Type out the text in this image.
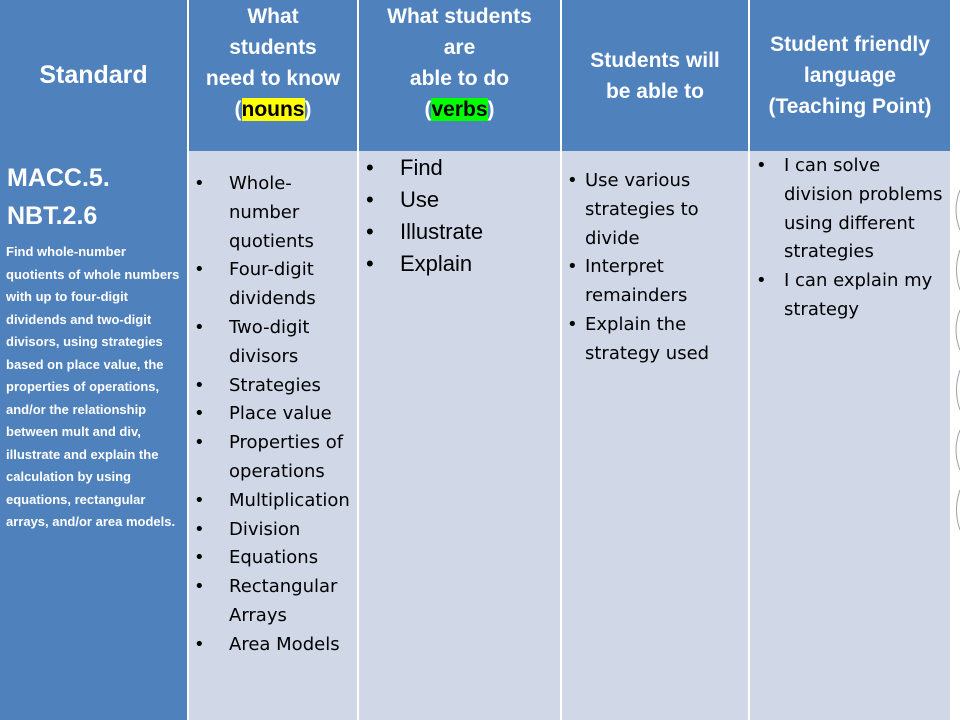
Standard
What
students
need to know
(nouns)
What students
are
able to do
(verbs)
Students will
be able to
Student friendly
language
(Teaching Point)
MACC.5.
NBT.2.6
Find whole-number quotients of whole numbers with up to four-digit dividends and two-digit divisors, using strategies based on place value, the properties of operations, and/or the relationship between mult and div, illustrate and explain the calculation by using equations, rectangular arrays, and/or area models.
• Whole-number quotients
• Four-digit dividends
• Two-digit divisors
• Strategies
• Place value
• Properties of operations
• Multiplication
• Division
• Equations
• Rectangular Arrays
• Area Models
• Find
• Use
• Illustrate
• Explain
• Use various strategies to divide
• Interpret remainders
• Explain the strategy used
• I can solve division problems using different strategies
• I can explain my strategy
